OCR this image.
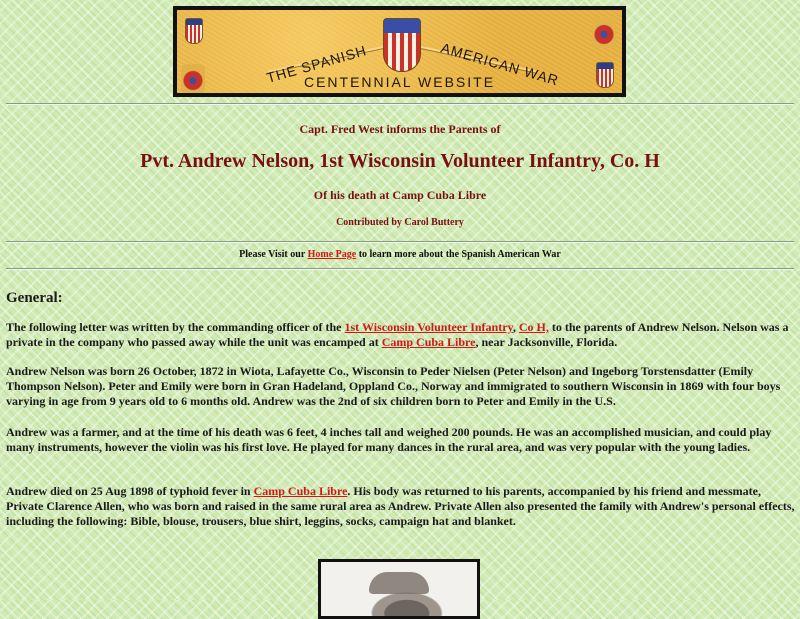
THE SPANISH	AMERICAN WAR
CENTENNIAL WEBSITE
Capt. Fred West informs the Parents of
Pvt. Andrew Nelson, 1st Wisconsin Volunteer Infantry, Co. H
Of his death at Camp Cuba Libre
Contributed by Carol Buttery
Please Visit our Home Page to learn more about the Spanish American War
General:
The following letter was written by the commanding officer of the 1st Wisconsin Volunteer Infantry, Co H, to the parents of Andrew Nelson. Nelson was a private in the company who passed away while the unit was encamped at Camp Cuba Libre, near Jacksonville, Florida.
Andrew Nelson was born 26 October, 1872 in Wiota, Lafayette Co., Wisconsin to Peder Nielsen (Peter Nelson) and Ingeborg Torstensdatter (Emily Thompson Nelson). Peter and Emily were born in Gran Hadeland, Oppland Co., Norway and immigrated to southern Wisconsin in 1869 with four boys varying in age from 9 years old to 6 months old. Andrew was the 2nd of six children born to Peter and Emily in the U.S.
Andrew was a farmer, and at the time of his death was 6 feet, 4 inches tall and weighed 200 pounds. He was an accomplished musician, and could play many instruments, however the violin was his first love. He played for many dances in the rural area, and was very popular with the young ladies.
Andrew died on 25 Aug 1898 of typhoid fever in Camp Cuba Libre. His body was returned to his parents, accompanied by his friend and messmate, Private Clarence Allen, who was born and raised in the same rural area as Andrew. Private Allen also presented the family with Andrew's personal effects, including the following: Bible, blouse, trousers, blue shirt, leggins, socks, campaign hat and blanket.
